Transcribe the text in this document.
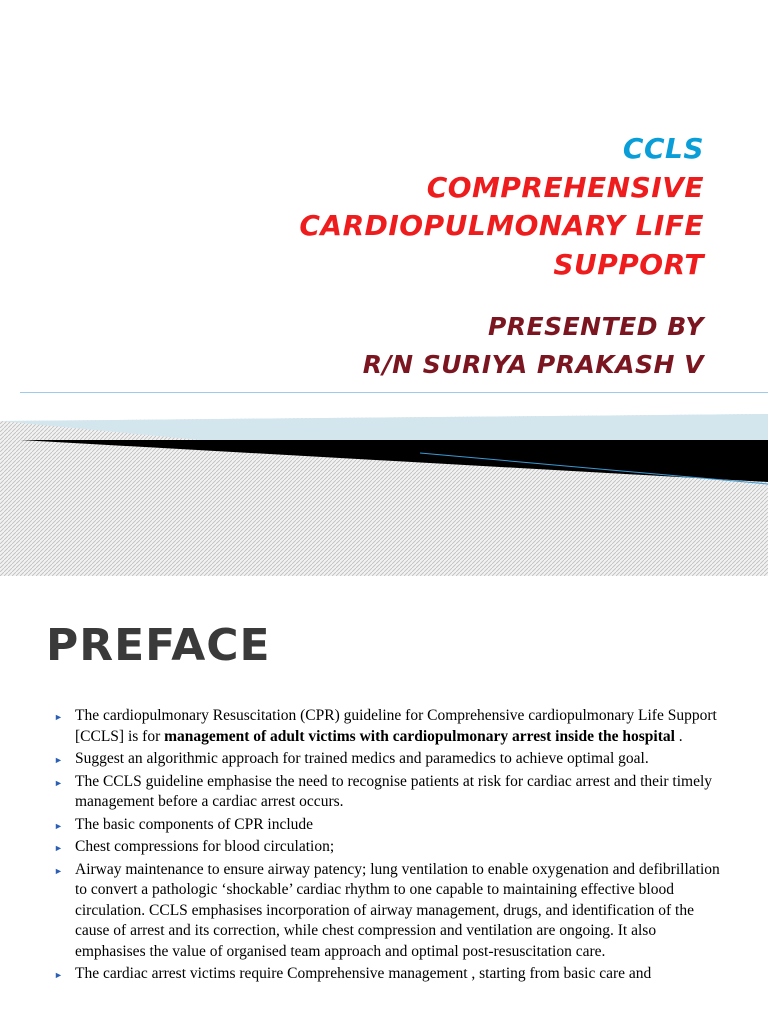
CCLS
COMPREHENSIVE
CARDIOPULMONARY LIFE
SUPPORT
PRESENTED BY
R/N SURIYA PRAKASH V
PREFACE
► The cardiopulmonary Resuscitation (CPR) guideline for Comprehensive cardiopulmonary Life Support [CCLS] is for management of adult victims with cardiopulmonary arrest inside the hospital .
► Suggest an algorithmic approach for trained medics and paramedics to achieve optimal goal.
► The CCLS guideline emphasise the need to recognise patients at risk for cardiac arrest and their timely management before a cardiac arrest occurs.
► The basic components of CPR include
► Chest compressions for blood circulation;
► Airway maintenance to ensure airway patency; lung ventilation to enable oxygenation and defibrillation to convert a pathologic ‘shockable’ cardiac rhythm to one capable to maintaining effective blood circulation. CCLS emphasises incorporation of airway management, drugs, and identification of the cause of arrest and its correction, while chest compression and ventilation are ongoing. It also emphasises the value of organised team approach and optimal post-resuscitation care.
► The cardiac arrest victims require Comprehensive management , starting from basic care and
